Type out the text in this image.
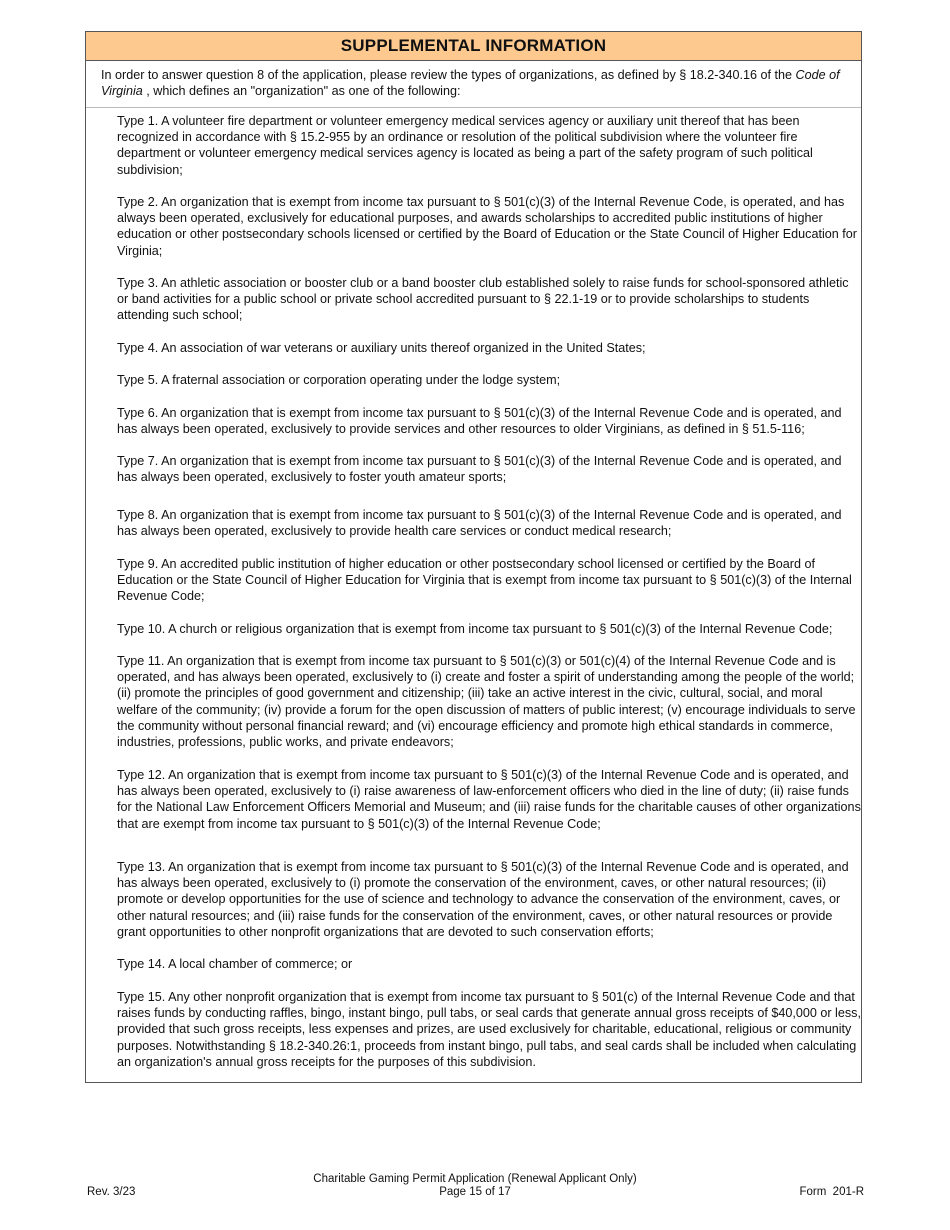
SUPPLEMENTAL INFORMATION
In order to answer question 8 of the application, please review the types of organizations, as defined by § 18.2-340.16 of the Code of Virginia , which defines an "organization" as one of the following:

Type 1. A volunteer fire department or volunteer emergency medical services agency or auxiliary unit thereof that has been recognized in accordance with § 15.2-955 by an ordinance or resolution of the political subdivision where the volunteer fire department or volunteer emergency medical services agency is located as being a part of the safety program of such political subdivision;

Type 2. An organization that is exempt from income tax pursuant to § 501(c)(3) of the Internal Revenue Code, is operated, and has always been operated, exclusively for educational purposes, and awards scholarships to accredited public institutions of higher education or other postsecondary schools licensed or certified by the Board of Education or the State Council of Higher Education for Virginia;

Type 3. An athletic association or booster club or a band booster club established solely to raise funds for school-sponsored athletic or band activities for a public school or private school accredited pursuant to § 22.1-19 or to provide scholarships to students attending such school;

Type 4. An association of war veterans or auxiliary units thereof organized in the United States;

Type 5. A fraternal association or corporation operating under the lodge system;

Type 6. An organization that is exempt from income tax pursuant to § 501(c)(3) of the Internal Revenue Code and is operated, and has always been operated, exclusively to provide services and other resources to older Virginians, as defined in § 51.5-116;

Type 7. An organization that is exempt from income tax pursuant to § 501(c)(3) of the Internal Revenue Code and is operated, and has always been operated, exclusively to foster youth amateur sports;

Type 8. An organization that is exempt from income tax pursuant to § 501(c)(3) of the Internal Revenue Code and is operated, and has always been operated, exclusively to provide health care services or conduct medical research;

Type 9. An accredited public institution of higher education or other postsecondary school licensed or certified by the Board of Education or the State Council of Higher Education for Virginia that is exempt from income tax pursuant to § 501(c)(3) of the Internal Revenue Code;

Type 10. A church or religious organization that is exempt from income tax pursuant to § 501(c)(3) of the Internal Revenue Code;

Type 11. An organization that is exempt from income tax pursuant to § 501(c)(3) or 501(c)(4) of the Internal Revenue Code and is operated, and has always been operated, exclusively to (i) create and foster a spirit of understanding among the people of the world; (ii) promote the principles of good government and citizenship; (iii) take an active interest in the civic, cultural, social, and moral welfare of the community; (iv) provide a forum for the open discussion of matters of public interest; (v) encourage individuals to serve the community without personal financial reward; and (vi) encourage efficiency and promote high ethical standards in commerce, industries, professions, public works, and private endeavors;

Type 12. An organization that is exempt from income tax pursuant to § 501(c)(3) of the Internal Revenue Code and is operated, and has always been operated, exclusively to (i) raise awareness of law-enforcement officers who died in the line of duty; (ii) raise funds for the National Law Enforcement Officers Memorial and Museum; and (iii) raise funds for the charitable causes of other organizations that are exempt from income tax pursuant to § 501(c)(3) of the Internal Revenue Code;

Type 13. An organization that is exempt from income tax pursuant to § 501(c)(3) of the Internal Revenue Code and is operated, and has always been operated, exclusively to (i) promote the conservation of the environment, caves, or other natural resources; (ii) promote or develop opportunities for the use of science and technology to advance the conservation of the environment, caves, or other natural resources; and (iii) raise funds for the conservation of the environment, caves, or other natural resources or provide grant opportunities to other nonprofit organizations that are devoted to such conservation efforts;

Type 14. A local chamber of commerce; or

Type 15. Any other nonprofit organization that is exempt from income tax pursuant to § 501(c) of the Internal Revenue Code and that raises funds by conducting raffles, bingo, instant bingo, pull tabs, or seal cards that generate annual gross receipts of $40,000 or less, provided that such gross receipts, less expenses and prizes, are used exclusively for charitable, educational, religious or community purposes. Notwithstanding § 18.2-340.26:1, proceeds from instant bingo, pull tabs, and seal cards shall be included when calculating an organization's annual gross receipts for the purposes of this subdivision.

Rev. 3/23
Charitable Gaming Permit Application (Renewal Applicant Only)
Page 15 of 17	Form  201-R
